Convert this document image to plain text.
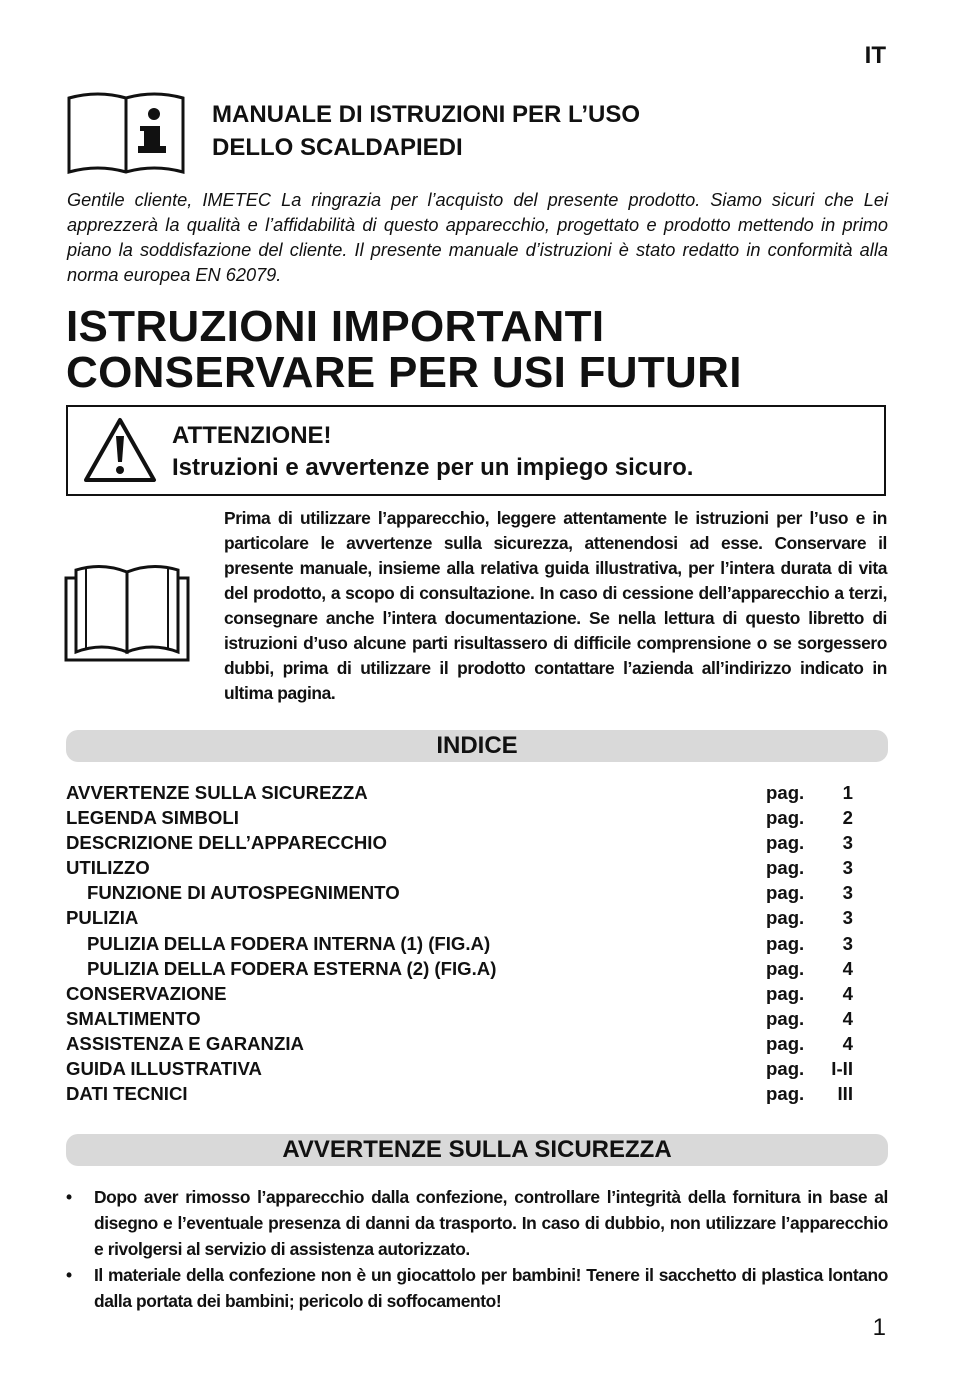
IT
MANUALE DI ISTRUZIONI PER L’USO
DELLO SCALDAPIEDI
Gentile cliente, IMETEC La ringrazia per l’acquisto del presente prodotto. Siamo sicuri che Lei apprezzerà la qualità e l’affidabilità di questo apparecchio, progettato e prodotto mettendo in primo piano la soddisfazione del cliente. Il presente manuale d’istruzioni è stato redatto in conformità alla norma europea EN 62079.
ISTRUZIONI IMPORTANTI
CONSERVARE PER USI FUTURI
ATTENZIONE!
Istruzioni e avvertenze per un impiego sicuro.
Prima di utilizzare l’apparecchio, leggere attentamente le istruzioni per l’uso e in particolare le avvertenze sulla sicurezza, attenendosi ad esse. Conservare il presente manuale, insieme alla relativa guida illustrativa, per l’intera durata di vita del prodotto, a scopo di consultazione. In caso di cessione dell’apparecchio a terzi, consegnare anche l’intera documentazione. Se nella lettura di questo libretto di istruzioni d’uso alcune parti risultassero di difficile comprensione o se sorgessero dubbi, prima di utilizzare il prodotto contattare l’azienda all’indirizzo indicato in ultima pagina.
INDICE
AVVERTENZE SULLA SICUREZZA	pag. 1
LEGENDA SIMBOLI	pag. 2
DESCRIZIONE DELL’APPARECCHIO	pag. 3
UTILIZZO	pag. 3
FUNZIONE DI AUTOSPEGNIMENTO	pag. 3
PULIZIA	pag. 3
PULIZIA DELLA FODERA INTERNA (1) (FIG.A)	pag. 3
PULIZIA DELLA FODERA ESTERNA (2) (FIG.A)	pag. 4
CONSERVAZIONE	pag. 4
SMALTIMENTO	pag. 4
ASSISTENZA E GARANZIA	pag. 4
GUIDA ILLUSTRATIVA	pag. I-II
DATI TECNICI	pag. III
AVVERTENZE SULLA SICUREZZA
• Dopo aver rimosso l’apparecchio dalla confezione, controllare l’integrità della fornitura in base al disegno e l’eventuale presenza di danni da trasporto. In caso di dubbio, non utilizzare l’apparecchio e rivolgersi al servizio di assistenza autorizzato.
• Il materiale della confezione non è un giocattolo per bambini! Tenere il sacchetto di plastica lontano dalla portata dei bambini; pericolo di soffocamento!
1
